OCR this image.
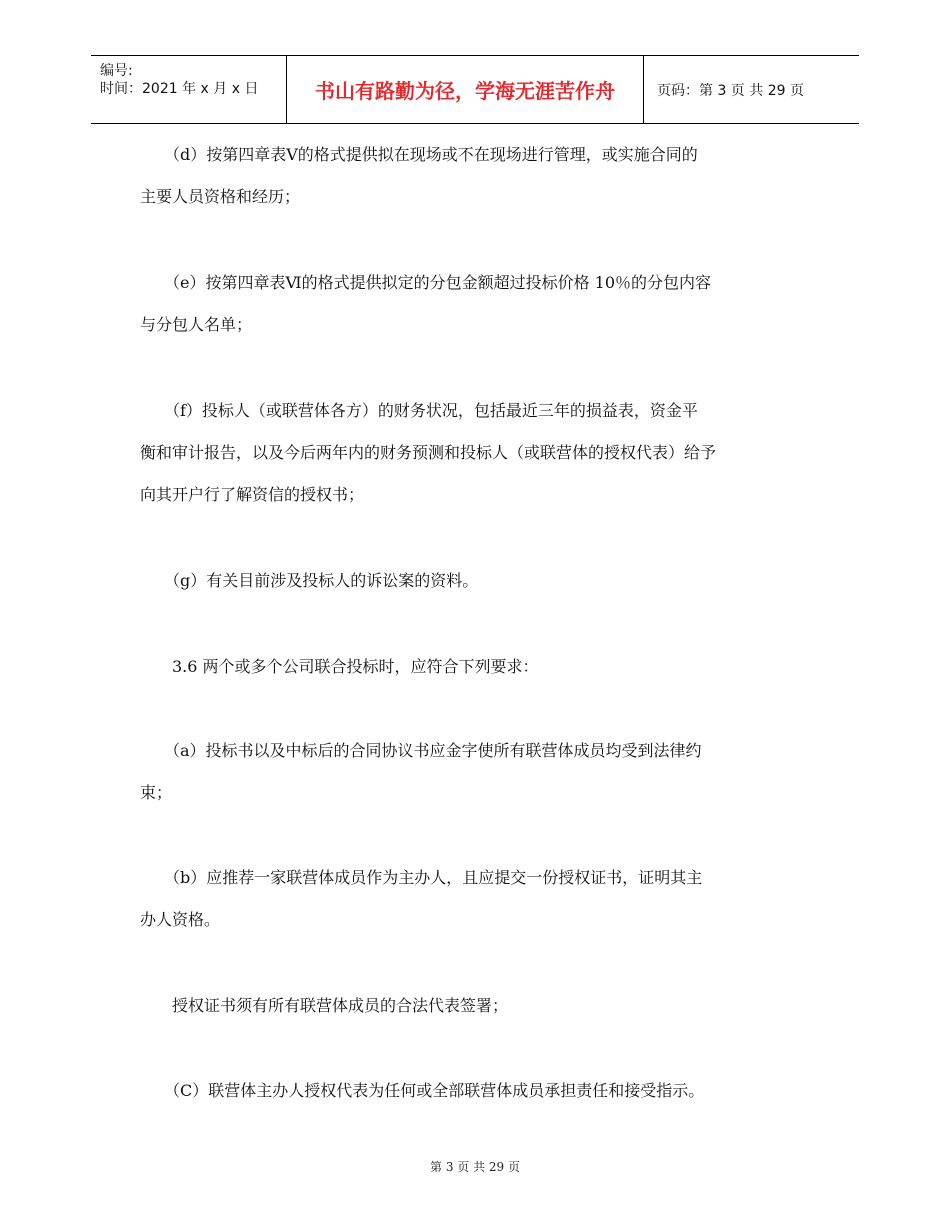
编号:
时间：2021 年 x 月 x 日	书山有路勤为径，学海无涯苦作舟	页码：第 3 页 共 29 页
　　（d）按第四章表Ⅴ的格式提供拟在现场或不在现场进行管理，或实施合同的
主要人员资格和经历；
　　（e）按第四章表Ⅵ的格式提供拟定的分包金额超过投标价格 10％的分包内容
与分包人名单；
　　（f）投标人（或联营体各方）的财务状况，包括最近三年的损益表，资金平
衡和审计报告，以及今后两年内的财务预测和投标人（或联营体的授权代表）给予
向其开户行了解资信的授权书；
　　（g）有关目前涉及投标人的诉讼案的资料。
　　3.6 两个或多个公司联合投标时，应符合下列要求：
　　（a）投标书以及中标后的合同协议书应金字使所有联营体成员均受到法律约
束；
　　（b）应推荐一家联营体成员作为主办人，且应提交一份授权证书，证明其主
办人资格。
　　授权证书须有所有联营体成员的合法代表签署；
　　（C）联营体主办人授权代表为任何或全部联营体成员承担责任和接受指示。
第 3 页 共 29 页
